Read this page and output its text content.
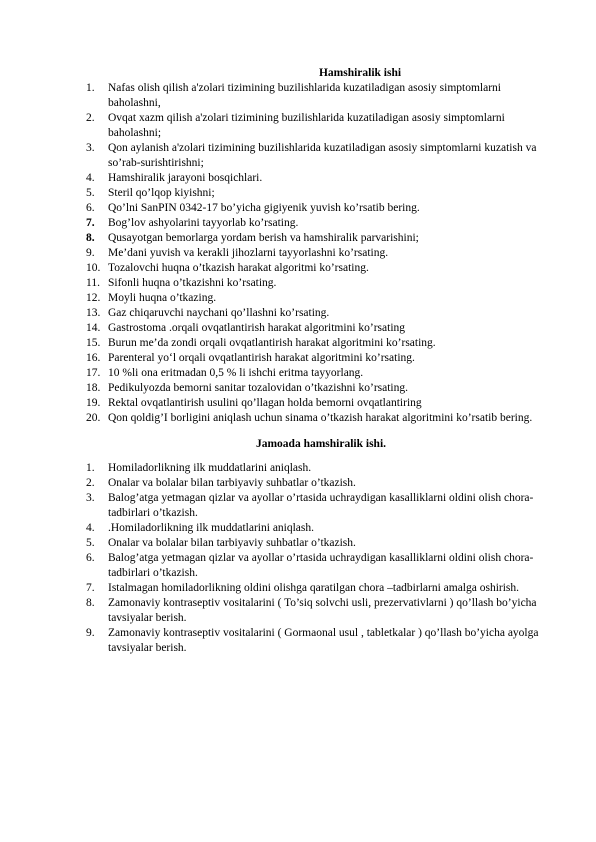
Hamshiralik ishi

1. Nafas olish qilish a'zolari tizimining buzilishlarida kuzatiladigan asosiy simptomlarni baholashni,
2. Ovqat xazm qilish a'zolari tizimining buzilishlarida kuzatiladigan asosiy simptomlarni baholashni;
3. Qon aylanish a'zolari tizimining buzilishlarida kuzatiladigan asosiy simptomlarni kuzatish va so’rab-surishtirishni;
4. Hamshiralik jarayoni bosqichlari.
5. Steril qo’lqop kiyishni;
6. Qo’lni SanPIN 0342-17 bo’yicha gigiyenik yuvish ko’rsatib bering.
7. Bog’lov ashyolarini tayyorlab ko’rsating.
8. Qusayotgan bemorlarga yordam berish va hamshiralik parvarishini;
9. Me’dani yuvish va kerakli jihozlarni tayyorlashni ko’rsating.
10. Tozalovchi huqna o’tkazish harakat algoritmi ko’rsating.
11. Sifonli huqna o’tkazishni ko’rsating.
12. Moyli huqna o’tkazing.
13. Gaz chiqaruvchi naychani qo’llashni ko’rsating.
14. Gastrostoma .orqali ovqatlantirish harakat algoritmini ko’rsating
15. Burun me’da zondi orqali ovqatlantirish harakat algoritmini ko’rsating.
16. Parenteral yo‘l orqali ovqatlantirish harakat algoritmini ko’rsating.
17. 10 %li ona eritmadan 0,5 % li ishchi eritma tayyorlang.
18. Pedikulyozda bemorni sanitar tozalovidan o’tkazishni ko’rsating.
19. Rektal ovqatlantirish usulini qo’llagan holda bemorni ovqatlantiring
20. Qon qoldig’I borligini aniqlash uchun sinama o’tkazish harakat algoritmini ko’rsatib bering.

Jamoada hamshiralik ishi.

1. Homiladorlikning ilk muddatlarini aniqlash.
2. Onalar va bolalar bilan tarbiyaviy suhbatlar o’tkazish.
3. Balog’atga yetmagan qizlar va ayollar o’rtasida uchraydigan kasalliklarni oldini olish chora-tadbirlari o’tkazish.
4. .Homiladorlikning ilk muddatlarini aniqlash.
5. Onalar va bolalar bilan tarbiyaviy suhbatlar o’tkazish.
6. Balog’atga yetmagan qizlar va ayollar o’rtasida uchraydigan kasalliklarni oldini olish chora-tadbirlari o’tkazish.
7. Istalmagan homiladorlikning oldini olishga qaratilgan chora –tadbirlarni amalga oshirish.
8. Zamonaviy kontraseptiv vositalarini ( To’siq solvchi usli, prezervativlarni ) qo’llash bo’yicha tavsiyalar berish.
9. Zamonaviy kontraseptiv vositalarini ( Gormaonal usul , tabletkalar ) qo’llash bo’yicha ayolga tavsiyalar berish.
